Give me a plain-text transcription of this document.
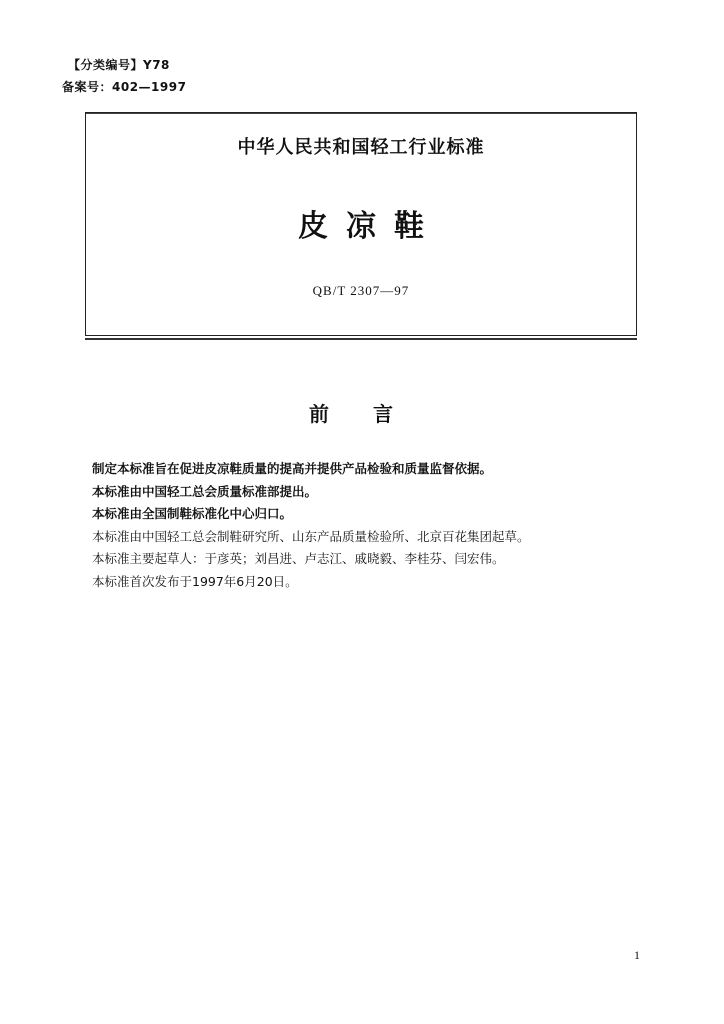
【分类编号】Y78
备案号：402—1997
中华人民共和国轻工行业标准
皮凉鞋
QB/T 2307—97
前言
制定本标准旨在促进皮凉鞋质量的提高并提供产品检验和质量监督依据。
本标准由中国轻工总会质量标准部提出。
本标准由全国制鞋标准化中心归口。
本标准由中国轻工总会制鞋研究所、山东产品质量检验所、北京百花集团起草。
本标准主要起草人：于彦英；刘昌进、卢志江、戚晓毅、李桂芬、闫宏伟。
本标准首次发布于1997年6月20日。
1
